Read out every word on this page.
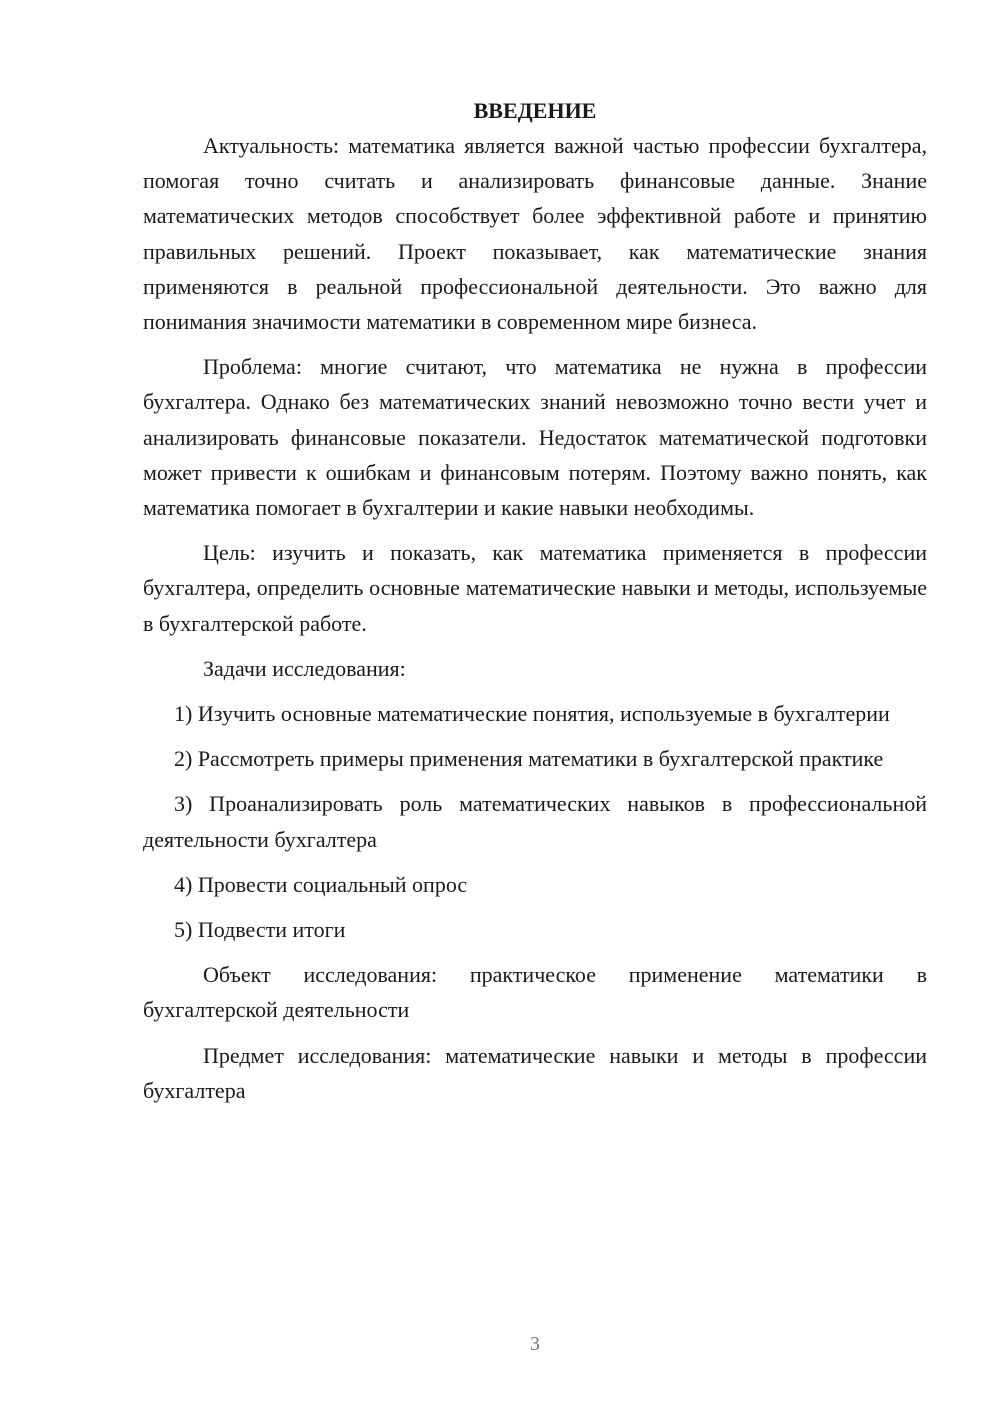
ВВЕДЕНИЕ

Актуальность: математика является важной частью профессии бухгалтера, помогая точно считать и анализировать финансовые данные. Знание математических методов способствует более эффективной работе и принятию правильных решений. Проект показывает, как математические знания применяются в реальной профессиональной деятельности. Это важно для понимания значимости математики в современном мире бизнеса.

Проблема: многие считают, что математика не нужна в профессии бухгалтера. Однако без математических знаний невозможно точно вести учет и анализировать финансовые показатели. Недостаток математической подготовки может привести к ошибкам и финансовым потерям. Поэтому важно понять, как математика помогает в бухгалтерии и какие навыки необходимы.

Цель: изучить и показать, как математика применяется в профессии бухгалтера, определить основные математические навыки и методы, используемые в бухгалтерской работе.

Задачи исследования:

1) Изучить основные математические понятия, используемые в бухгалтерии

2) Рассмотреть примеры применения математики в бухгалтерской практике

3) Проанализировать роль математических навыков в профессиональной деятельности бухгалтера

4) Провести социальный опрос

5) Подвести итоги

Объект исследования: практическое применение математики в бухгалтерской деятельности

Предмет исследования: математические навыки и методы в профессии бухгалтера

3
